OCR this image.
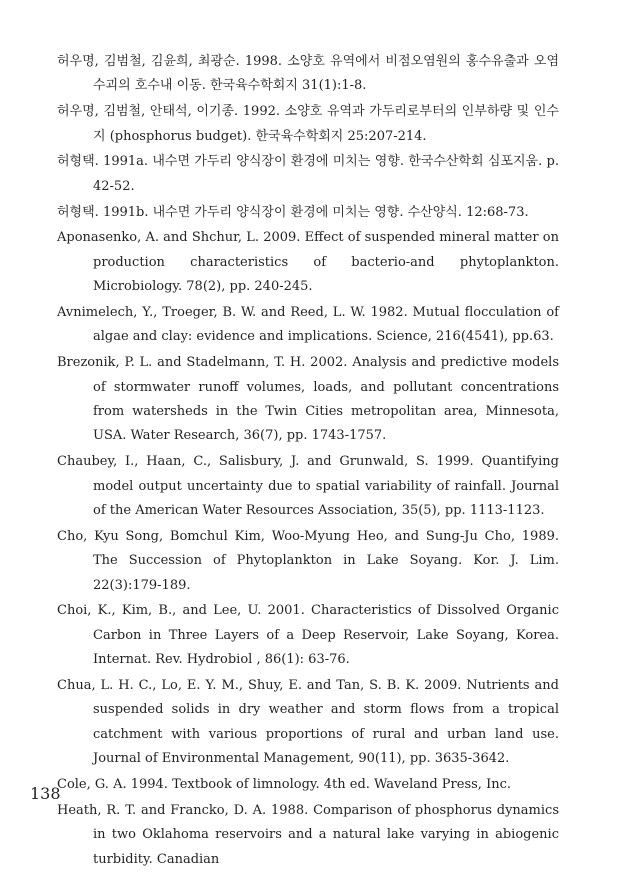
허우명, 김범철, 김윤희, 최광순. 1998. 소양호 유역에서 비점오염원의 홍수유출과 오염수괴의 호수내 이동. 한국육수학회지 31(1):1-8.

허우명, 김범철, 안태석, 이기종. 1992. 소양호 유역과 가두리로부터의 인부하량 및 인수지 (phosphorus budget). 한국육수학회지 25:207-214.

허형택. 1991a. 내수면 가두리 양식장이 환경에 미치는 영향. 한국수산학회 심포지움. p. 42-52.

허형택. 1991b. 내수면 가두리 양식장이 환경에 미치는 영향. 수산양식. 12:68-73.

Aponasenko, A. and Shchur, L. 2009. Effect of suspended mineral matter on production characteristics of bacterio-and phytoplankton. Microbiology. 78(2), pp. 240-245.

Avnimelech, Y., Troeger, B. W. and Reed, L. W. 1982. Mutual flocculation of algae and clay: evidence and implications. Science, 216(4541), pp.63.

Brezonik, P. L. and Stadelmann, T. H. 2002. Analysis and predictive models of stormwater runoff volumes, loads, and pollutant concentrations from watersheds in the Twin Cities metropolitan area, Minnesota, USA. Water Research, 36(7), pp. 1743-1757.

Chaubey, I., Haan, C., Salisbury, J. and Grunwald, S. 1999. Quantifying model output uncertainty due to spatial variability of rainfall. Journal of the American Water Resources Association, 35(5), pp. 1113-1123.

Cho, Kyu Song, Bomchul Kim, Woo-Myung Heo, and Sung-Ju Cho, 1989. The Succession of Phytoplankton in Lake Soyang. Kor. J. Lim. 22(3):179-189.

Choi, K., Kim, B., and Lee, U. 2001. Characteristics of Dissolved Organic Carbon in Three Layers of a Deep Reservoir, Lake Soyang, Korea. Internat. Rev. Hydrobiol , 86(1): 63-76.

Chua, L. H. C., Lo, E. Y. M., Shuy, E. and Tan, S. B. K. 2009. Nutrients and suspended solids in dry weather and storm flows from a tropical catchment with various proportions of rural and urban land use. Journal of Environmental Management, 90(11), pp. 3635-3642.

Cole, G. A. 1994. Textbook of limnology. 4th ed. Waveland Press, Inc.

Heath, R. T. and Francko, D. A. 1988. Comparison of phosphorus dynamics in two Oklahoma reservoirs and a natural lake varying in abiogenic turbidity. Canadian

138
